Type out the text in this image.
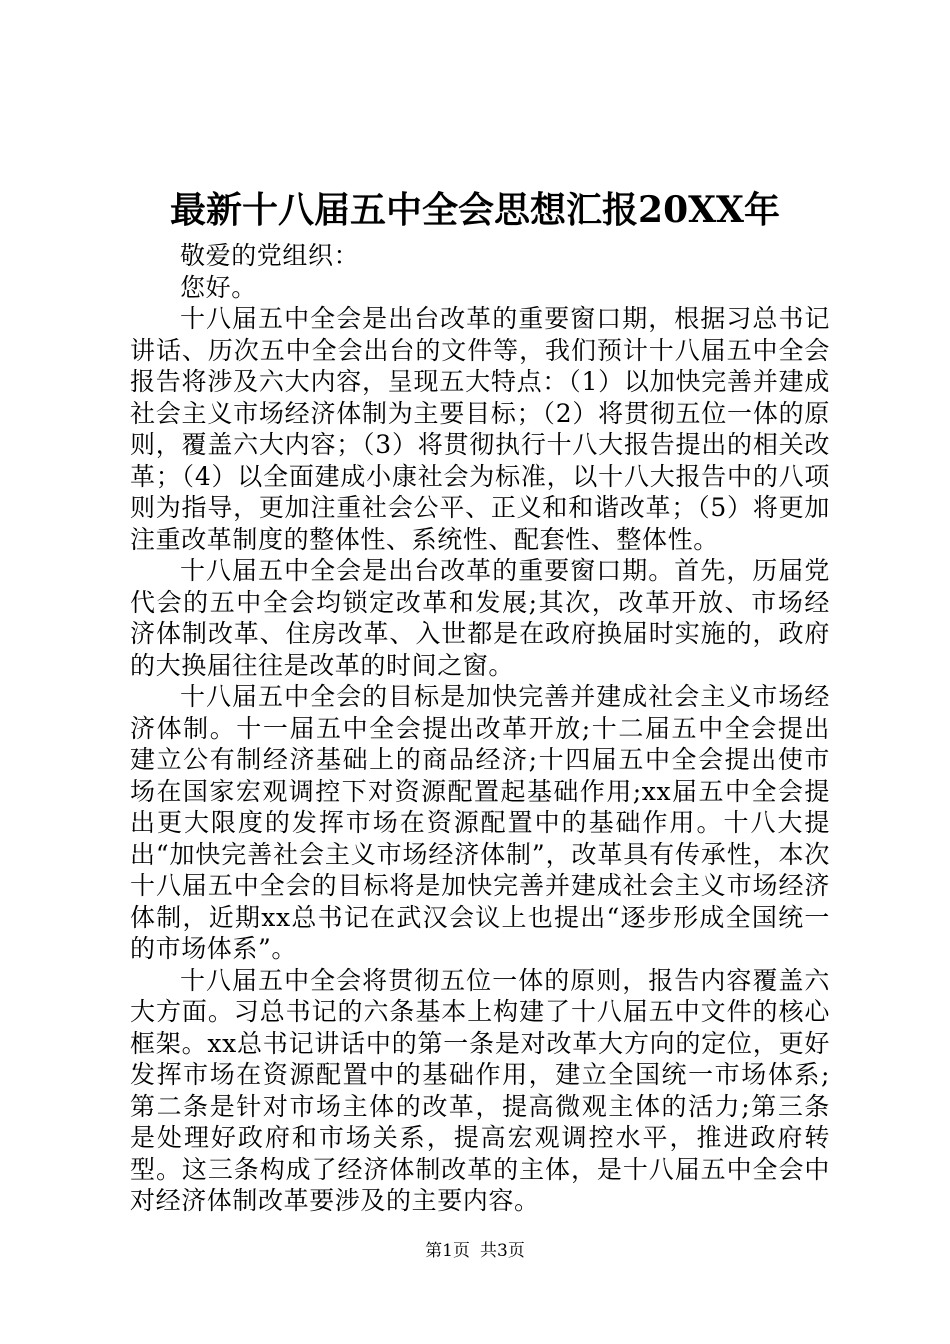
最新十八届五中全会思想汇报20XX年

敬爱的党组织：

您好。

十八届五中全会是出台改革的重要窗口期，根据习总书记讲话、历次五中全会出台的文件等，我们预计十八届五中全会报告将涉及六大内容，呈现五大特点：（1）以加快完善并建成社会主义市场经济体制为主要目标；（2）将贯彻五位一体的原则，覆盖六大内容；（3）将贯彻执行十八大报告提出的相关改革；（4）以全面建成小康社会为标准，以十八大报告中的八项则为指导，更加注重社会公平、正义和和谐改革；（5）将更加注重改革制度的整体性、系统性、配套性、整体性。

十八届五中全会是出台改革的重要窗口期。首先，历届党代会的五中全会均锁定改革和发展;其次，改革开放、市场经济体制改革、住房改革、入世都是在政府换届时实施的，政府的大换届往往是改革的时间之窗。

十八届五中全会的目标是加快完善并建成社会主义市场经济体制。十一届五中全会提出改革开放;十二届五中全会提出建立公有制经济基础上的商品经济;十四届五中全会提出使市场在国家宏观调控下对资源配置起基础作用;xx届五中全会提出更大限度的发挥市场在资源配置中的基础作用。十八大提出“加快完善社会主义市场经济体制”，改革具有传承性，本次十八届五中全会的目标将是加快完善并建成社会主义市场经济体制，近期xx总书记在武汉会议上也提出“逐步形成全国统一的市场体系”。

十八届五中全会将贯彻五位一体的原则，报告内容覆盖六大方面。习总书记的六条基本上构建了十八届五中文件的核心框架。xx总书记讲话中的第一条是对改革大方向的定位，更好发挥市场在资源配置中的基础作用，建立全国统一市场体系;第二条是针对市场主体的改革，提高微观主体的活力;第三条是处理好政府和市场关系，提高宏观调控水平，推进政府转型。这三条构成了经济体制改革的主体，是十八届五中全会中对经济体制改革要涉及的主要内容。

第1页 共3页
